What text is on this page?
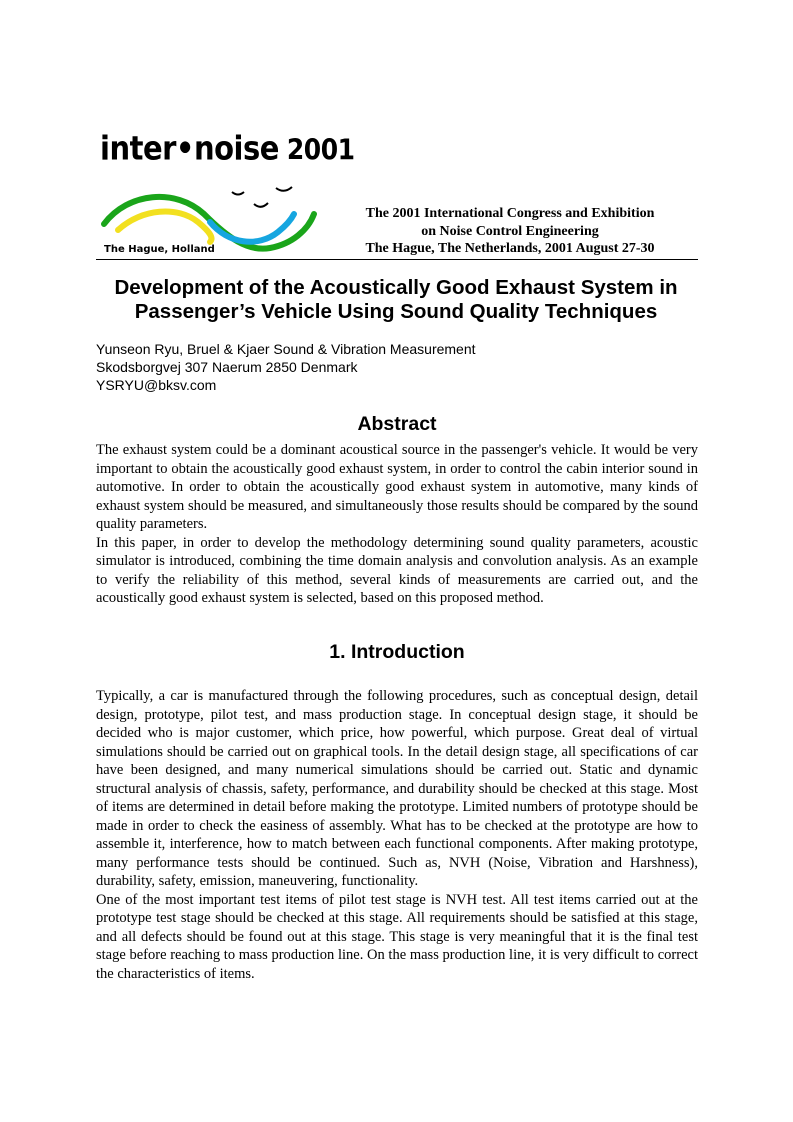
inter•noise 2001
The Hague, Holland
The 2001 International Congress and Exhibition
on Noise Control Engineering
The Hague, The Netherlands, 2001 August 27-30
Development of the Acoustically Good Exhaust System in
Passenger’s Vehicle Using Sound Quality Techniques
Yunseon Ryu, Bruel & Kjaer Sound & Vibration Measurement
Skodsborgvej 307 Naerum 2850 Denmark
YSRYU@bksv.com
Abstract
The exhaust system could be a dominant acoustical source in the passenger's vehicle. It would be very important to obtain the acoustically good exhaust system, in order to control the cabin interior sound in automotive. In order to obtain the acoustically good exhaust system in automotive, many kinds of exhaust system should be measured, and simultaneously those results should be compared by the sound quality parameters.
In this paper, in order to develop the methodology determining sound quality parameters, acoustic simulator is introduced, combining the time domain analysis and convolution analysis. As an example to verify the reliability of this method, several kinds of measurements are carried out, and the acoustically good exhaust system is selected, based on this proposed method.
1. Introduction
Typically, a car is manufactured through the following procedures, such as conceptual design, detail design, prototype, pilot test, and mass production stage. In conceptual design stage, it should be decided who is major customer, which price, how powerful, which purpose. Great deal of virtual simulations should be carried out on graphical tools. In the detail design stage, all specifications of car have been designed, and many numerical simulations should be carried out. Static and dynamic structural analysis of chassis, safety, performance, and durability should be checked at this stage. Most of items are determined in detail before making the prototype. Limited numbers of prototype should be made in order to check the easiness of assembly. What has to be checked at the prototype are how to assemble it, interference, how to match between each functional components. After making prototype, many performance tests should be continued. Such as, NVH (Noise, Vibration and Harshness), durability, safety, emission, maneuvering, functionality.
One of the most important test items of pilot test stage is NVH test. All test items carried out at the prototype test stage should be checked at this stage. All requirements should be satisfied at this stage, and all defects should be found out at this stage. This stage is very meaningful that it is the final test stage before reaching to mass production line. On the mass production line, it is very difficult to correct the characteristics of items.
